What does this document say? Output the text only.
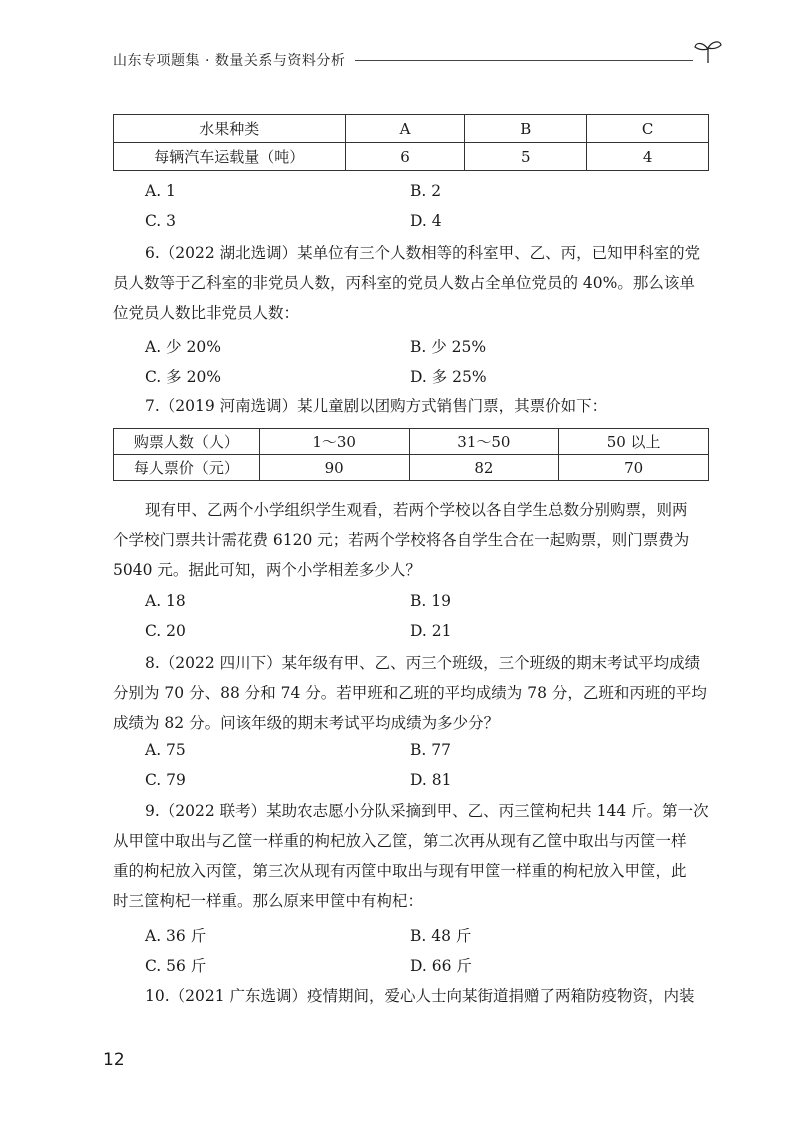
山东专项题集 · 数量关系与资料分析
水果种类	A	B	C
每辆汽车运载量（吨）	6	5	4
A. 1	B. 2
C. 3	D. 4
6.（2022 湖北选调）某单位有三个人数相等的科室甲、乙、丙，已知甲科室的党
员人数等于乙科室的非党员人数，丙科室的党员人数占全单位党员的 40%。那么该单
位党员人数比非党员人数：
A. 少 20%	B. 少 25%
C. 多 20%	D. 多 25%
7.（2019 河南选调）某儿童剧以团购方式销售门票，其票价如下：
购票人数（人）	1～30	31～50	50 以上
每人票价（元）	90	82	70
现有甲、乙两个小学组织学生观看，若两个学校以各自学生总数分别购票，则两
个学校门票共计需花费 6120 元；若两个学校将各自学生合在一起购票，则门票费为
5040 元。据此可知，两个小学相差多少人？
A. 18	B. 19
C. 20	D. 21
8.（2022 四川下）某年级有甲、乙、丙三个班级，三个班级的期末考试平均成绩
分别为 70 分、88 分和 74 分。若甲班和乙班的平均成绩为 78 分，乙班和丙班的平均
成绩为 82 分。问该年级的期末考试平均成绩为多少分？
A. 75	B. 77
C. 79	D. 81
9.（2022 联考）某助农志愿小分队采摘到甲、乙、丙三筐枸杞共 144 斤。第一次
从甲筐中取出与乙筐一样重的枸杞放入乙筐，第二次再从现有乙筐中取出与丙筐一样
重的枸杞放入丙筐，第三次从现有丙筐中取出与现有甲筐一样重的枸杞放入甲筐，此
时三筐枸杞一样重。那么原来甲筐中有枸杞：
A. 36 斤	B. 48 斤
C. 56 斤	D. 66 斤
10.（2021 广东选调）疫情期间，爱心人士向某街道捐赠了两箱防疫物资，内装
12
